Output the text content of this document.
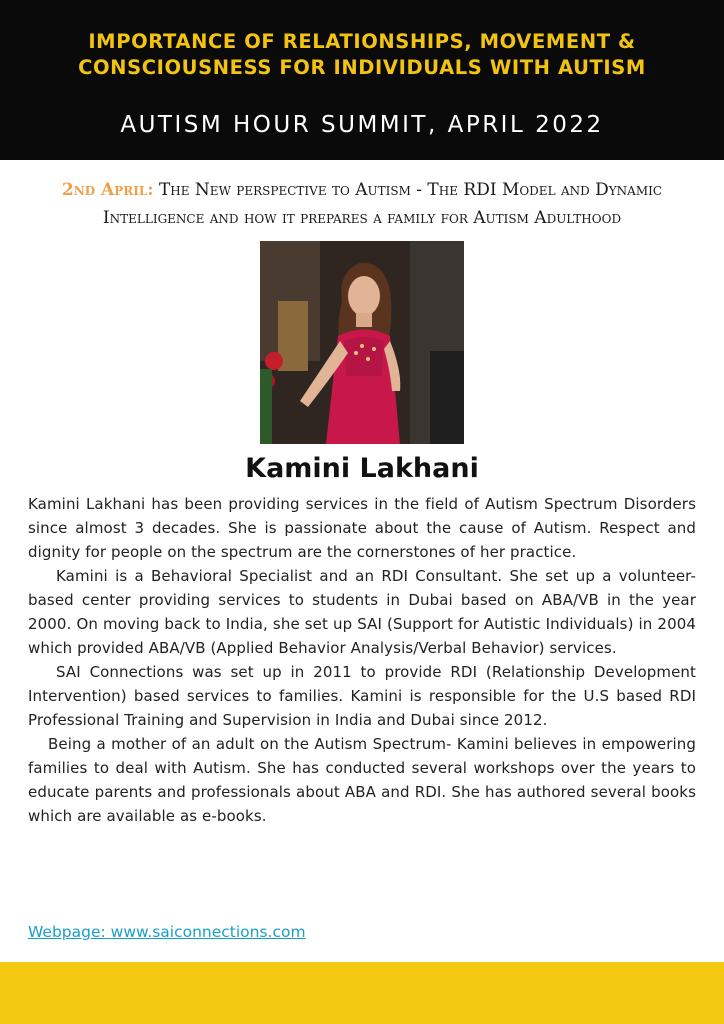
IMPORTANCE OF RELATIONSHIPS, MOVEMENT &
CONSCIOUSNESS FOR INDIVIDUALS WITH AUTISM
AUTISM HOUR SUMMIT, APRIL 2022
2nd April: The New perspective to Autism - The RDI Model and Dynamic
Intelligence and how it prepares a family for Autism Adulthood
Kamini Lakhani

Kamini Lakhani has been providing services in the field of Autism Spectrum Disorders since almost 3 decades. She is passionate about the cause of Autism. Respect and dignity for people on the spectrum are the cornerstones of her practice.

Kamini is a Behavioral Specialist and an RDI Consultant. She set up a volunteer-based center providing services to students in Dubai based on ABA/VB in the year 2000. On moving back to India, she set up SAI (Support for Autistic Individuals) in 2004 which provided ABA/VB (Applied Behavior Analysis/Verbal Behavior) services.

SAI Connections was set up in 2011 to provide RDI (Relationship Development Intervention) based services to families. Kamini is responsible for the U.S based RDI Professional Training and Supervision in India and Dubai since 2012.

Being a mother of an adult on the Autism Spectrum- Kamini believes in empowering families to deal with Autism. She has conducted several workshops over the years to educate parents and professionals about ABA and RDI. She has authored several books which are available as e-books.

Webpage: www.saiconnections.com
